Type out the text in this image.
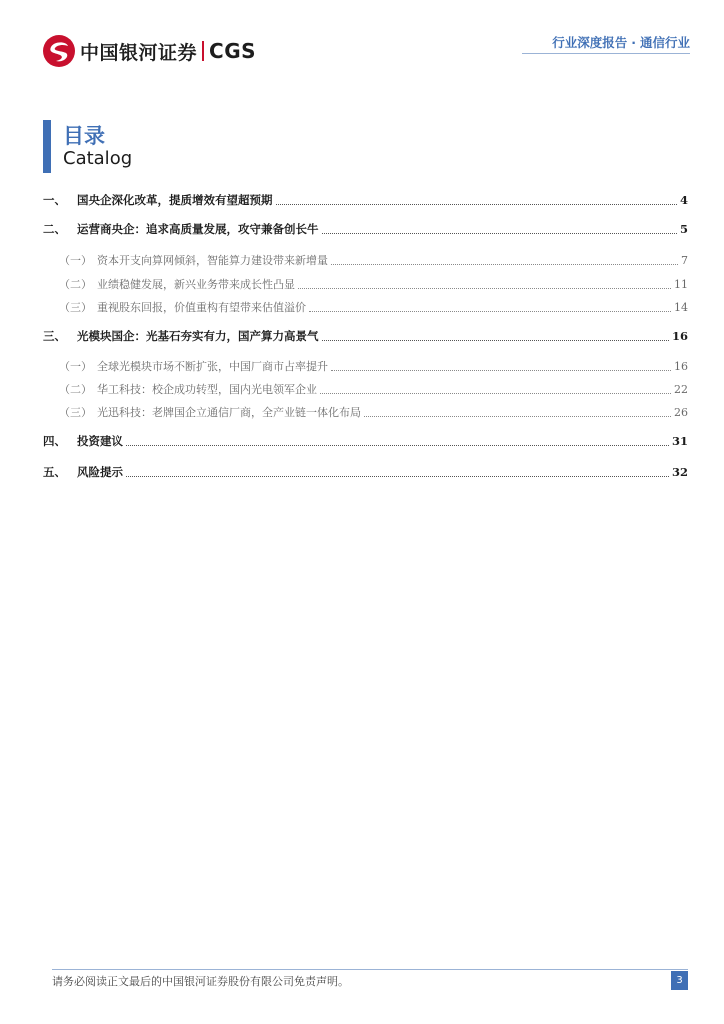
中国银河证券 CGS	行业深度报告 · 通信行业
目录
Catalog
一、 国央企深化改革，提质增效有望超预期	4
二、 运营商央企：追求高质量发展，攻守兼备创长牛	5
（一） 资本开支向算网倾斜，智能算力建设带来新增量	7
（二） 业绩稳健发展，新兴业务带来成长性凸显	11
（三） 重视股东回报，价值重构有望带来估值溢价	14
三、 光模块国企：光基石夯实有力，国产算力高景气	16
（一） 全球光模块市场不断扩张，中国厂商市占率提升	16
（二） 华工科技：校企成功转型，国内光电领军企业	22
（三） 光迅科技：老牌国企立通信厂商，全产业链一体化布局	26
四、 投资建议	31
五、 风险提示	32
请务必阅读正文最后的中国银河证券股份有限公司免责声明。	3
